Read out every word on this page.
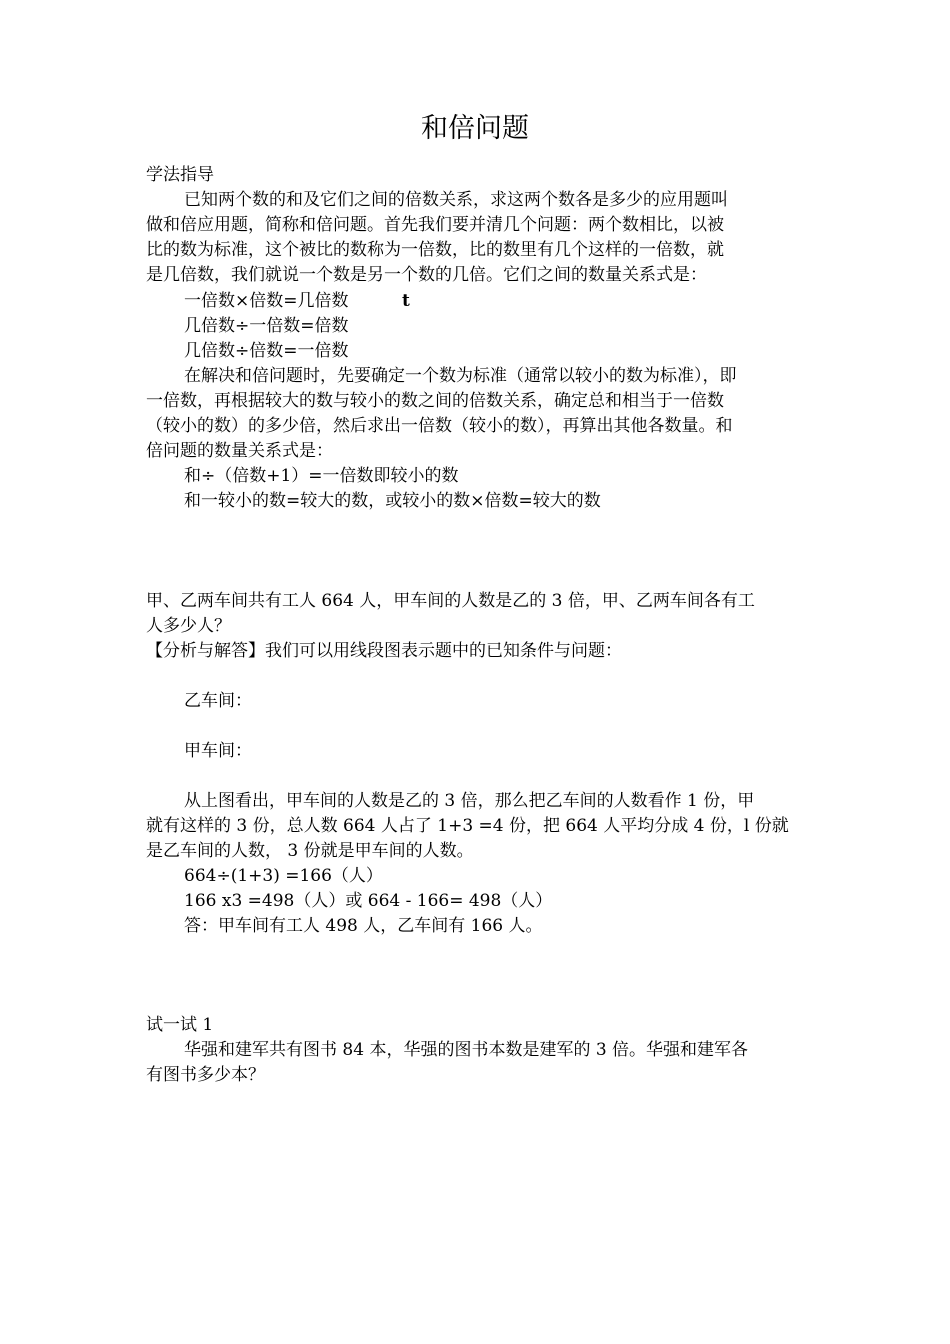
和倍问题
学法指导
已知两个数的和及它们之间的倍数关系，求这两个数各是多少的应用题叫
做和倍应用题，简称和倍问题。首先我们要并清几个问题：两个数相比，以被
比的数为标准，这个被比的数称为一倍数，比的数里有几个这样的一倍数，就
是几倍数，我们就说一个数是另一个数的几倍。它们之间的数量关系式是：
一倍数×倍数=几倍数	t
几倍数÷一倍数=倍数
几倍数÷倍数=一倍数
在解决和倍问题时，先要确定一个数为标准（通常以较小的数为标准），即
一倍数，再根据较大的数与较小的数之间的倍数关系，确定总和相当于一倍数
（较小的数）的多少倍，然后求出一倍数（较小的数），再算出其他各数量。和
倍问题的数量关系式是：
和÷（倍数+1）=一倍数即较小的数
和一较小的数=较大的数，或较小的数×倍数=较大的数
甲、乙两车间共有工人 664 人，甲车间的人数是乙的 3 倍，甲、乙两车间各有工
人多少人？
【分析与解答】我们可以用线段图表示题中的已知条件与问题：
乙车间：
甲车间：
从上图看出，甲车间的人数是乙的 3 倍，那么把乙车间的人数看作 1 份，甲
就有这样的 3 份，总人数 664 人占了 1+3 =4 份，把 664 人平均分成 4 份，l 份就
是乙车间的人数， 3 份就是甲车间的人数。
664÷(1+3) =166（人）
166 x3 =498（人）或 664 - 166= 498（人）
答：甲车间有工人 498 人，乙车间有 166 人。
试一试 1
华强和建军共有图书 84 本，华强的图书本数是建军的 3 倍。华强和建军各
有图书多少本？
